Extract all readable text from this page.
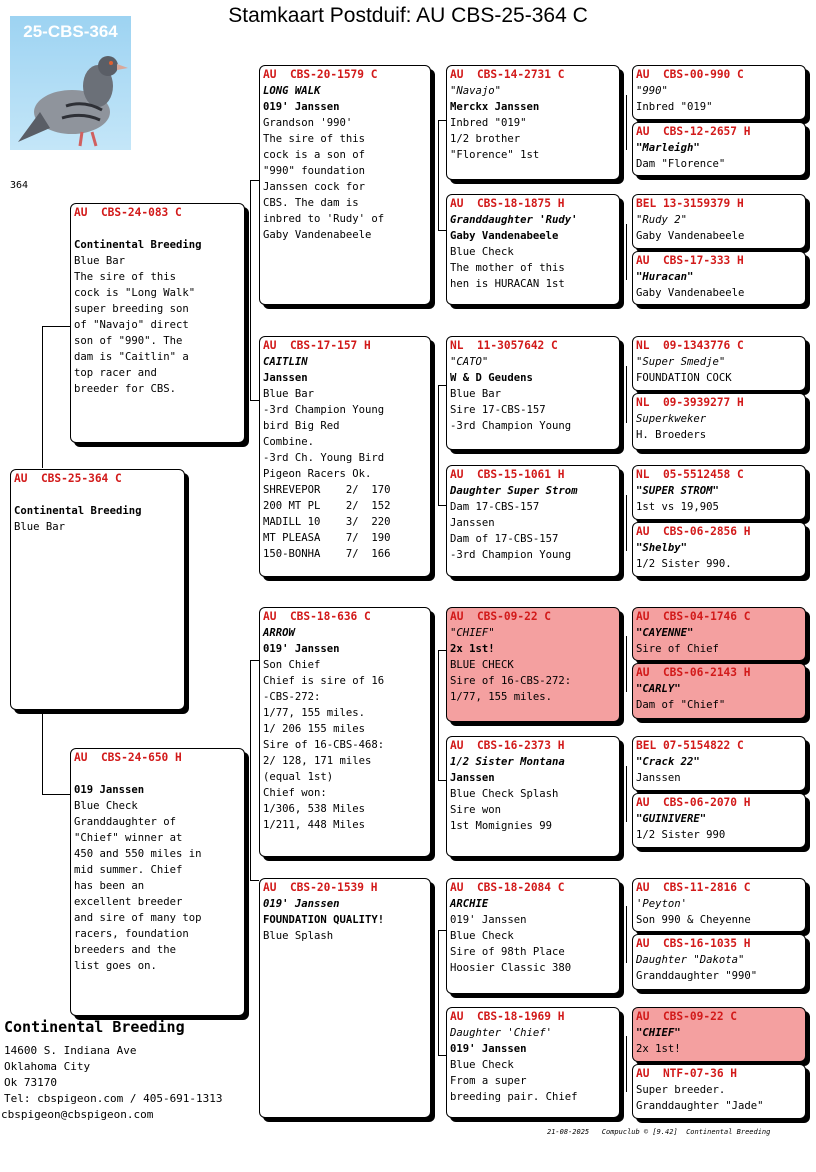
Stamkaart Postduif: AU CBS-25-364 C
25-CBS-364
364
AU  CBS-25-364 C

Continental Breeding
Blue Bar
AU  CBS-24-083 C

Continental Breeding
Blue Bar
The sire of this
cock is "Long Walk"
super breeding son
of "Navajo" direct
son of "990". The
dam is "Caitlin" a
top racer and
breeder for CBS.
AU  CBS-24-650 H

019 Janssen
Blue Check
Granddaughter of
"Chief" winner at
450 and 550 miles in
mid summer. Chief
has been an
excellent breeder
and sire of many top
racers, foundation
breeders and the
list goes on.
AU  CBS-20-1579 C
LONG WALK
019' Janssen
Grandson '990'
The sire of this
cock is a son of
"990" foundation
Janssen cock for
CBS. The dam is
inbred to 'Rudy' of
Gaby Vandenabeele
AU  CBS-17-157 H
CAITLIN
Janssen
Blue Bar
-3rd Champion Young
bird Big Red
Combine.
-3rd Ch. Young Bird
Pigeon Racers Ok.
SHREVEPOR    2/  170
200 MT PL    2/  152
MADILL 10    3/  220
MT PLEASA    7/  190
150-BONHA    7/  166
AU  CBS-18-636 C
ARROW
019' Janssen
Son Chief
Chief is sire of 16
-CBS-272:
1/77, 155 miles.
1/ 206 155 miles
Sire of 16-CBS-468:
2/ 128, 171 miles
(equal 1st)
Chief won:
1/306, 538 Miles
1/211, 448 Miles
AU  CBS-20-1539 H
019' Janssen
FOUNDATION QUALITY!
Blue Splash
AU  CBS-14-2731 C
"Navajo"
Merckx Janssen
Inbred "019"
1/2 brother
"Florence" 1st
AU  CBS-18-1875 H
Granddaughter 'Rudy'
Gaby Vandenabeele
Blue Check
The mother of this
hen is HURACAN 1st
NL  11-3057642 C
"CATO"
W & D Geudens
Blue Bar
Sire 17-CBS-157
-3rd Champion Young
AU  CBS-15-1061 H
Daughter Super Strom
Dam 17-CBS-157
Janssen
Dam of 17-CBS-157
-3rd Champion Young
AU  CBS-09-22 C
"CHIEF"
2x 1st!
BLUE CHECK
Sire of 16-CBS-272:
1/77, 155 miles.
AU  CBS-16-2373 H
1/2 Sister Montana
Janssen
Blue Check Splash
Sire won
1st Momignies 99
AU  CBS-18-2084 C
ARCHIE
019' Janssen
Blue Check
Sire of 98th Place
Hoosier Classic 380
AU  CBS-18-1969 H
Daughter 'Chief'
019' Janssen
Blue Check
From a super
breeding pair. Chief
AU  CBS-00-990 C
"990"
Inbred "019"
AU  CBS-12-2657 H
"Marleigh"
Dam "Florence"
BEL 13-3159379 H
"Rudy 2"
Gaby Vandenabeele
AU  CBS-17-333 H
"Huracan"
Gaby Vandenabeele
NL  09-1343776 C
"Super Smedje"
FOUNDATION COCK
NL  09-3939277 H
Superkweker
H. Broeders
NL  05-5512458 C
"SUPER STROM"
1st vs 19,905
AU  CBS-06-2856 H
"Shelby"
1/2 Sister 990.
AU  CBS-04-1746 C
"CAYENNE"
Sire of Chief
AU  CBS-06-2143 H
"CARLY"
Dam of "Chief"
BEL 07-5154822 C
"Crack 22"
Janssen
AU  CBS-06-2070 H
"GUINIVERE"
1/2 Sister 990
AU  CBS-11-2816 C
'Peyton'
Son 990 & Cheyenne
AU  CBS-16-1035 H
Daughter "Dakota"
Granddaughter "990"
AU  CBS-09-22 C
"CHIEF"
2x 1st!
AU  NTF-07-36 H
Super breeder.
Granddaughter "Jade"
Continental Breeding
14600 S. Indiana Ave
Oklahoma City
Ok 73170
Tel: cbspigeon.com / 405-691-1313
cbspigeon@cbspigeon.com
21-08-2025   Compuclub © [9.42]  Continental Breeding
